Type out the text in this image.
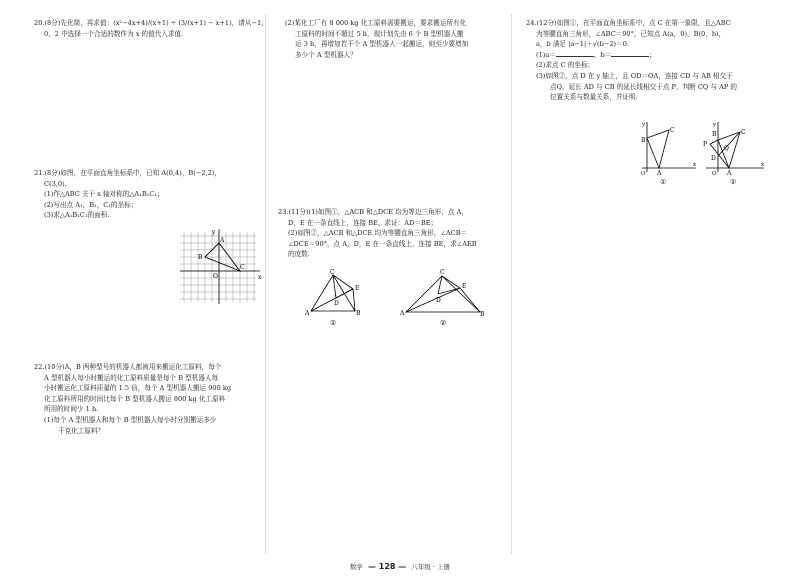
20.(8分)先化简，再求值：(x²−4x+4)/(x+1) ÷ (3/(x+1) − x+1)，请从−1，
0，2 中选择一个合适的数作为 x 的值代入求值.
21.(8分)如图，在平面直角坐标系中，已知 A(0,4)，B(−2,2)，
C(3,0).
(1)作△ABC 关于 x 轴对称的△A₁B₁C₁；
(2)写出点 A₁，B₁，C₁的坐标；
(3)求△A₁B₁C₁的面积.
y
x
A
B
C
O
22.(10分)A，B 两种型号的机器人都被用来搬运化工原料，每个
A 型机器人每小时搬运的化工原料质量是每个 B 型机器人每
小时搬运化工原料质量的 1.5 倍，每个 A 型机器人搬运 900 kg
化工原料所用的时间比每个 B 型机器人搬运 800 kg 化工原料
所用的时间少 1 h.
(1)每个 A 型机器人和每个 B 型机器人每小时分别搬运多少
千克化工原料？
(2)某化工厂有 8 000 kg 化工原料需要搬运，要求搬运所有化
工原料的时间不超过 5 h，现计划先由 6 个 B 型机器人搬
运 3 h，再增加若干个 A 型机器人一起搬运，则至少要增加
多少个 A 型机器人？
23.(11分)(1)如图①，△ACB 和△DCE 均为等边三角形，点 A，
D，E 在一条直线上，连接 BE，求证：AD＝BE；
(2)如图②，△ACB 和△DCE 均为等腰直角三角形，∠ACB＝
∠DCE＝90°，点 A，D，E 在一条直线上，连接 BE，求∠AEB
的度数.
C
A	B
D
E
①
C
A	B
D
E
②
24.(12分)如图①，在平面直角坐标系中，点 C 在第一象限，且△ABC
为等腰直角三角形，∠ABC＝90°，已知点 A(a，0)，B(0，b)，
a，b 满足 |a−1|＋√(b−2)＝0.
(1)a＝	，b＝	；
(2)求点 C 的坐标；
(3)如图②，点 D 在 y 轴上，且 OD＝OA，连接 CD 与 AB 相交于
点Q，延长 AD 与 CB 的延长线相交于点 P，判断 CQ 与 AP 的
位置关系与数量关系，并证明.
y
x
C
B
O A
①
y
x
C
B
P
Q
D
O A
②
数学 — 128 — 八年级 · 上册
